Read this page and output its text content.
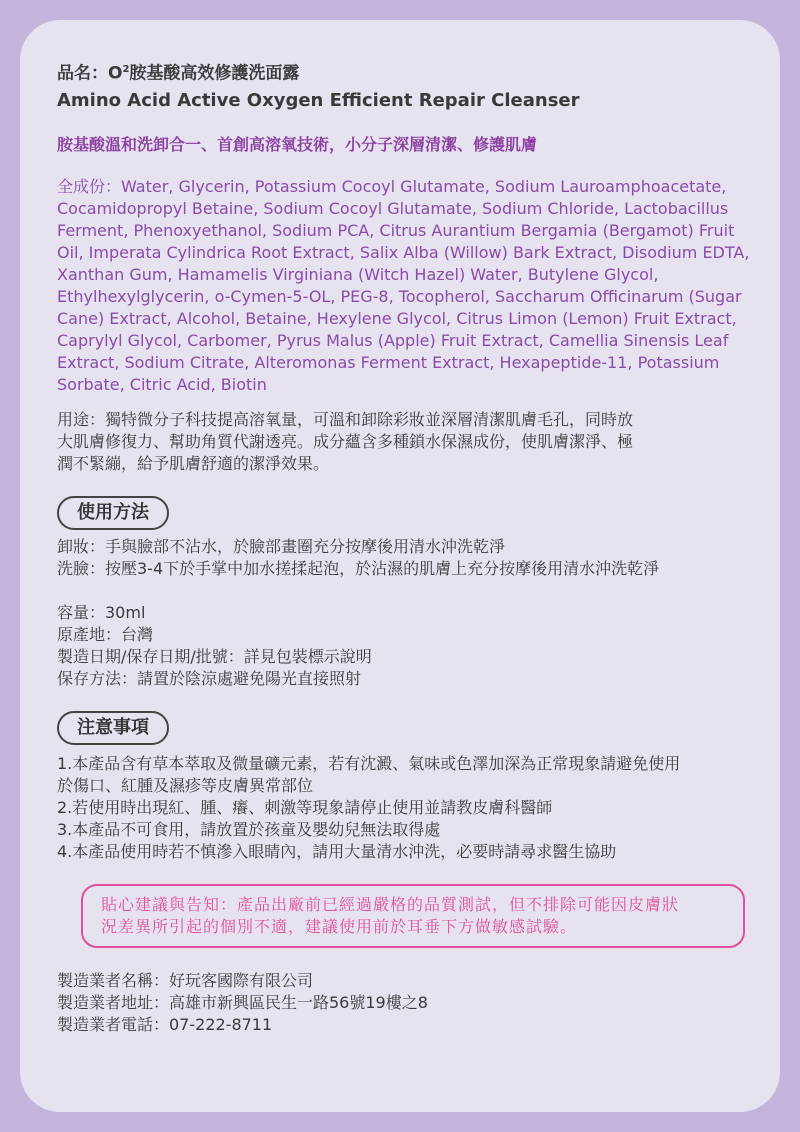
品名：$O^2$胺基酸高效修護洗面露
Amino Acid Active Oxygen Efficient Repair Cleanser
胺基酸溫和洗卸合一、首創高溶氧技術，小分子深層清潔、修護肌膚
全成份：Water, Glycerin, Potassium Cocoyl Glutamate, Sodium Lauroamphoacetate,
Cocamidopropyl Betaine, Sodium Cocoyl Glutamate, Sodium Chloride, Lactobacillus
Ferment, Phenoxyethanol, Sodium PCA, Citrus Aurantium Bergamia (Bergamot) Fruit
Oil, Imperata Cylindrica Root Extract, Salix Alba (Willow) Bark Extract, Disodium EDTA,
Xanthan Gum, Hamamelis Virginiana (Witch Hazel) Water, Butylene Glycol,
Ethylhexylglycerin, o-Cymen-5-OL, PEG-8, Tocopherol, Saccharum Officinarum (Sugar
Cane) Extract, Alcohol, Betaine, Hexylene Glycol, Citrus Limon (Lemon) Fruit Extract,
Caprylyl Glycol, Carbomer, Pyrus Malus (Apple) Fruit Extract, Camellia Sinensis Leaf
Extract, Sodium Citrate, Alteromonas Ferment Extract, Hexapeptide-11, Potassium
Sorbate, Citric Acid, Biotin
用途：獨特微分子科技提高溶氧量，可溫和卸除彩妝並深層清潔肌膚毛孔，同時放
大肌膚修復力、幫助角質代謝透亮。成分蘊含多種鎖水保濕成份，使肌膚潔淨、極
潤不緊繃，給予肌膚舒適的潔淨效果。
使用方法
卸妝：手與臉部不沾水，於臉部畫圈充分按摩後用清水沖洗乾淨
洗臉：按壓3-4下於手掌中加水搓揉起泡，於沾濕的肌膚上充分按摩後用清水沖洗乾淨
容量：30ml
原產地：台灣
製造日期/保存日期/批號：詳見包裝標示說明
保存方法：請置於陰涼處避免陽光直接照射
注意事項
1.本產品含有草本萃取及微量礦元素，若有沈澱、氣味或色澤加深為正常現象請避免使用
於傷口、紅腫及濕疹等皮膚異常部位
2.若使用時出現紅、腫、癢、刺激等現象請停止使用並請教皮膚科醫師
3.本產品不可食用，請放置於孩童及嬰幼兒無法取得處
4.本產品使用時若不慎滲入眼睛內，請用大量清水沖洗，必要時請尋求醫生協助
貼心建議與告知：產品出廠前已經過嚴格的品質測試，但不排除可能因皮膚狀
況差異所引起的個別不適，建議使用前於耳垂下方做敏感試驗。
製造業者名稱：好玩客國際有限公司
製造業者地址：高雄市新興區民生一路56號19樓之8
製造業者電話：07-222-8711
